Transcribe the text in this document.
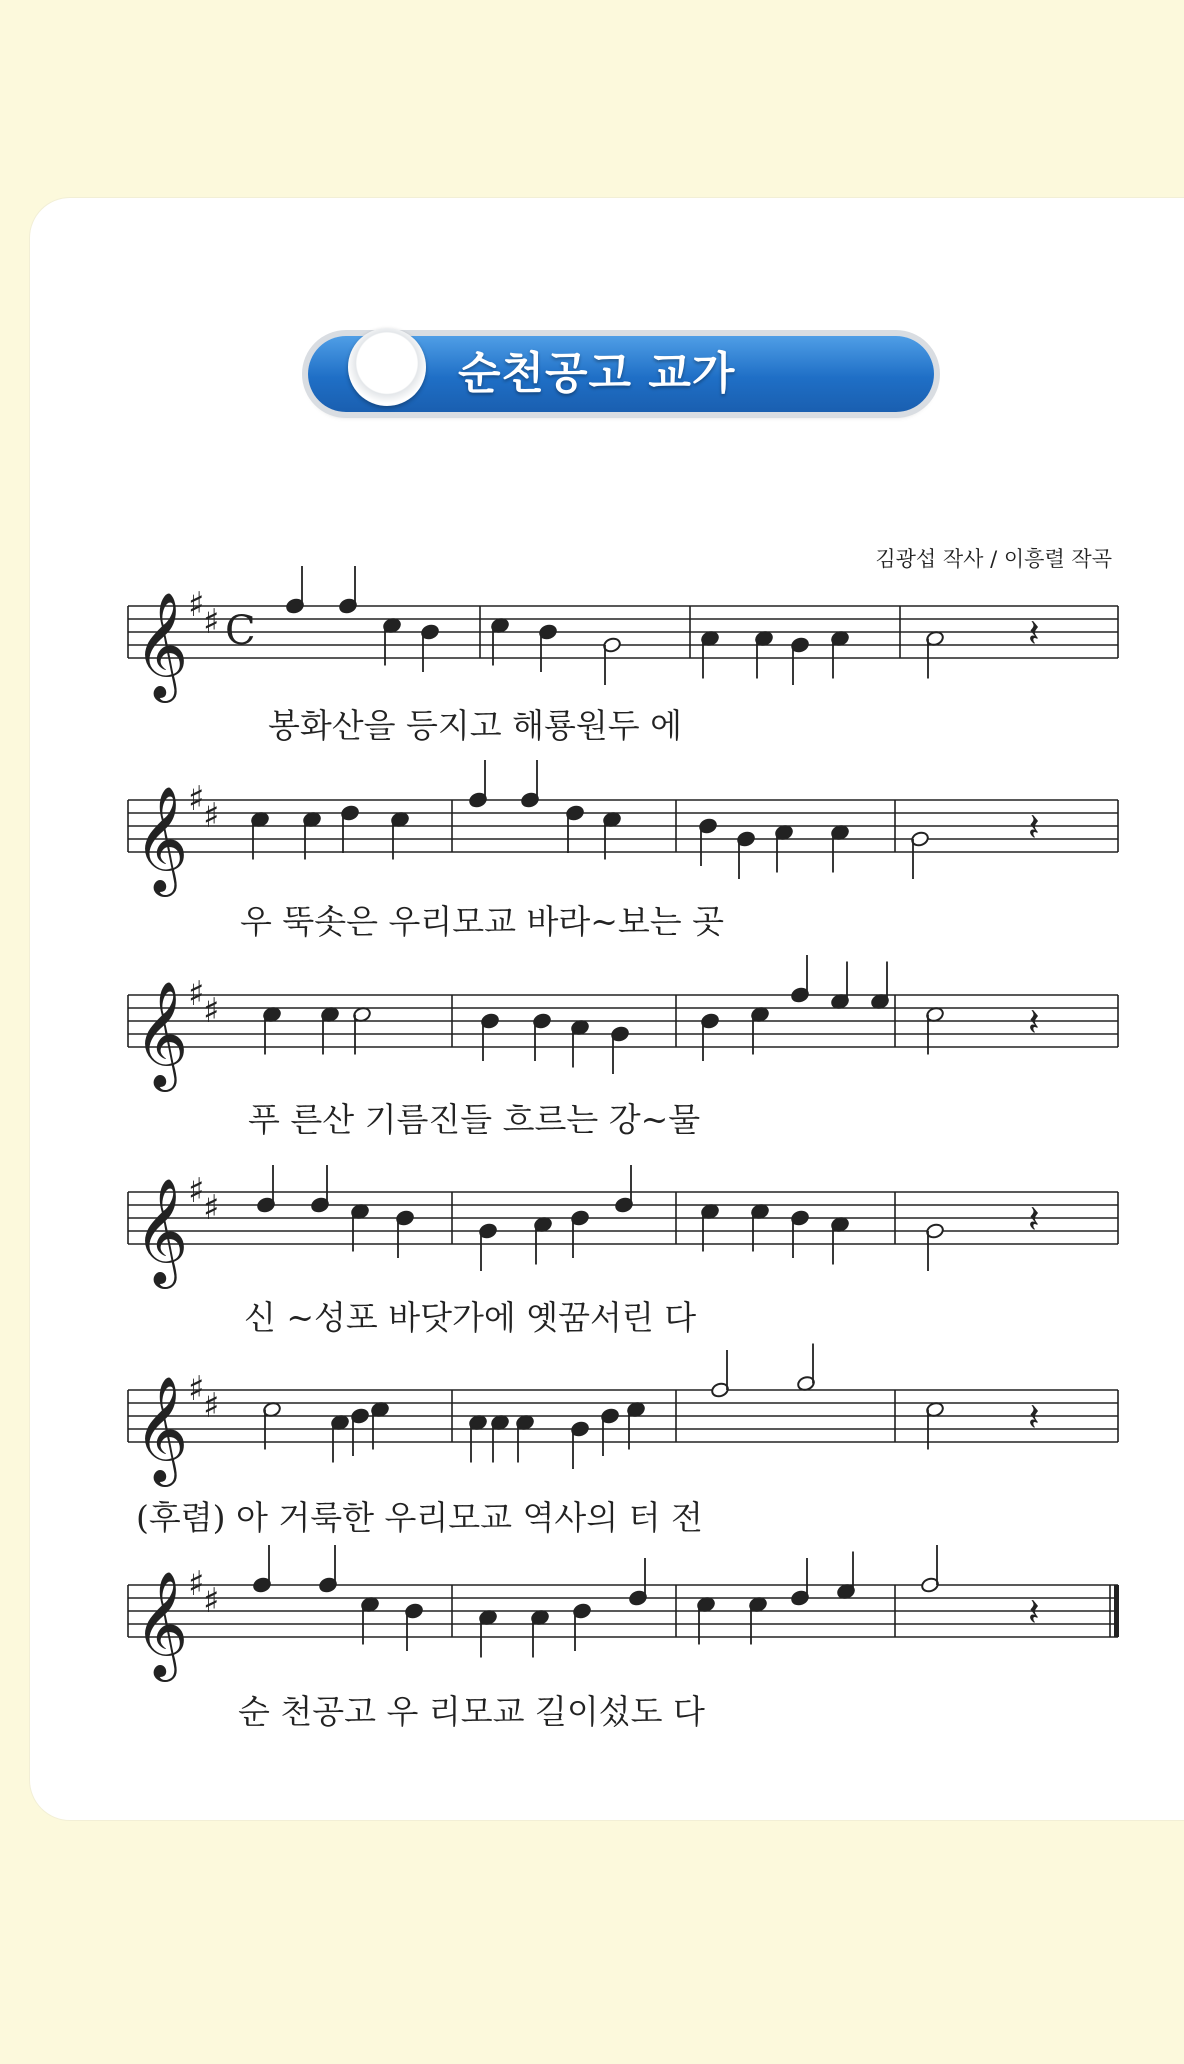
순천공고 교가
김광섭 작사 / 이흥렬 작곡
𝄞 ♯
♯ C
𝄞 ♯
♯
𝄞 ♯
♯
𝄞 ♯
♯
𝄞 ♯
♯
𝄞 ♯
♯
𝄽
𝄽
𝄽
𝄽
𝄽
𝄽
봉화산을 등지고 해룡원두 에
우 뚝솟은 우리모교 바라~보는 곳
푸 른산 기름진들 흐르는 강~물
신 ~성포 바닷가에 옛꿈서린 다
(후렴) 아 거룩한 우리모교 역사의 터 전
순 천공고 우 리모교 길이섰도 다
